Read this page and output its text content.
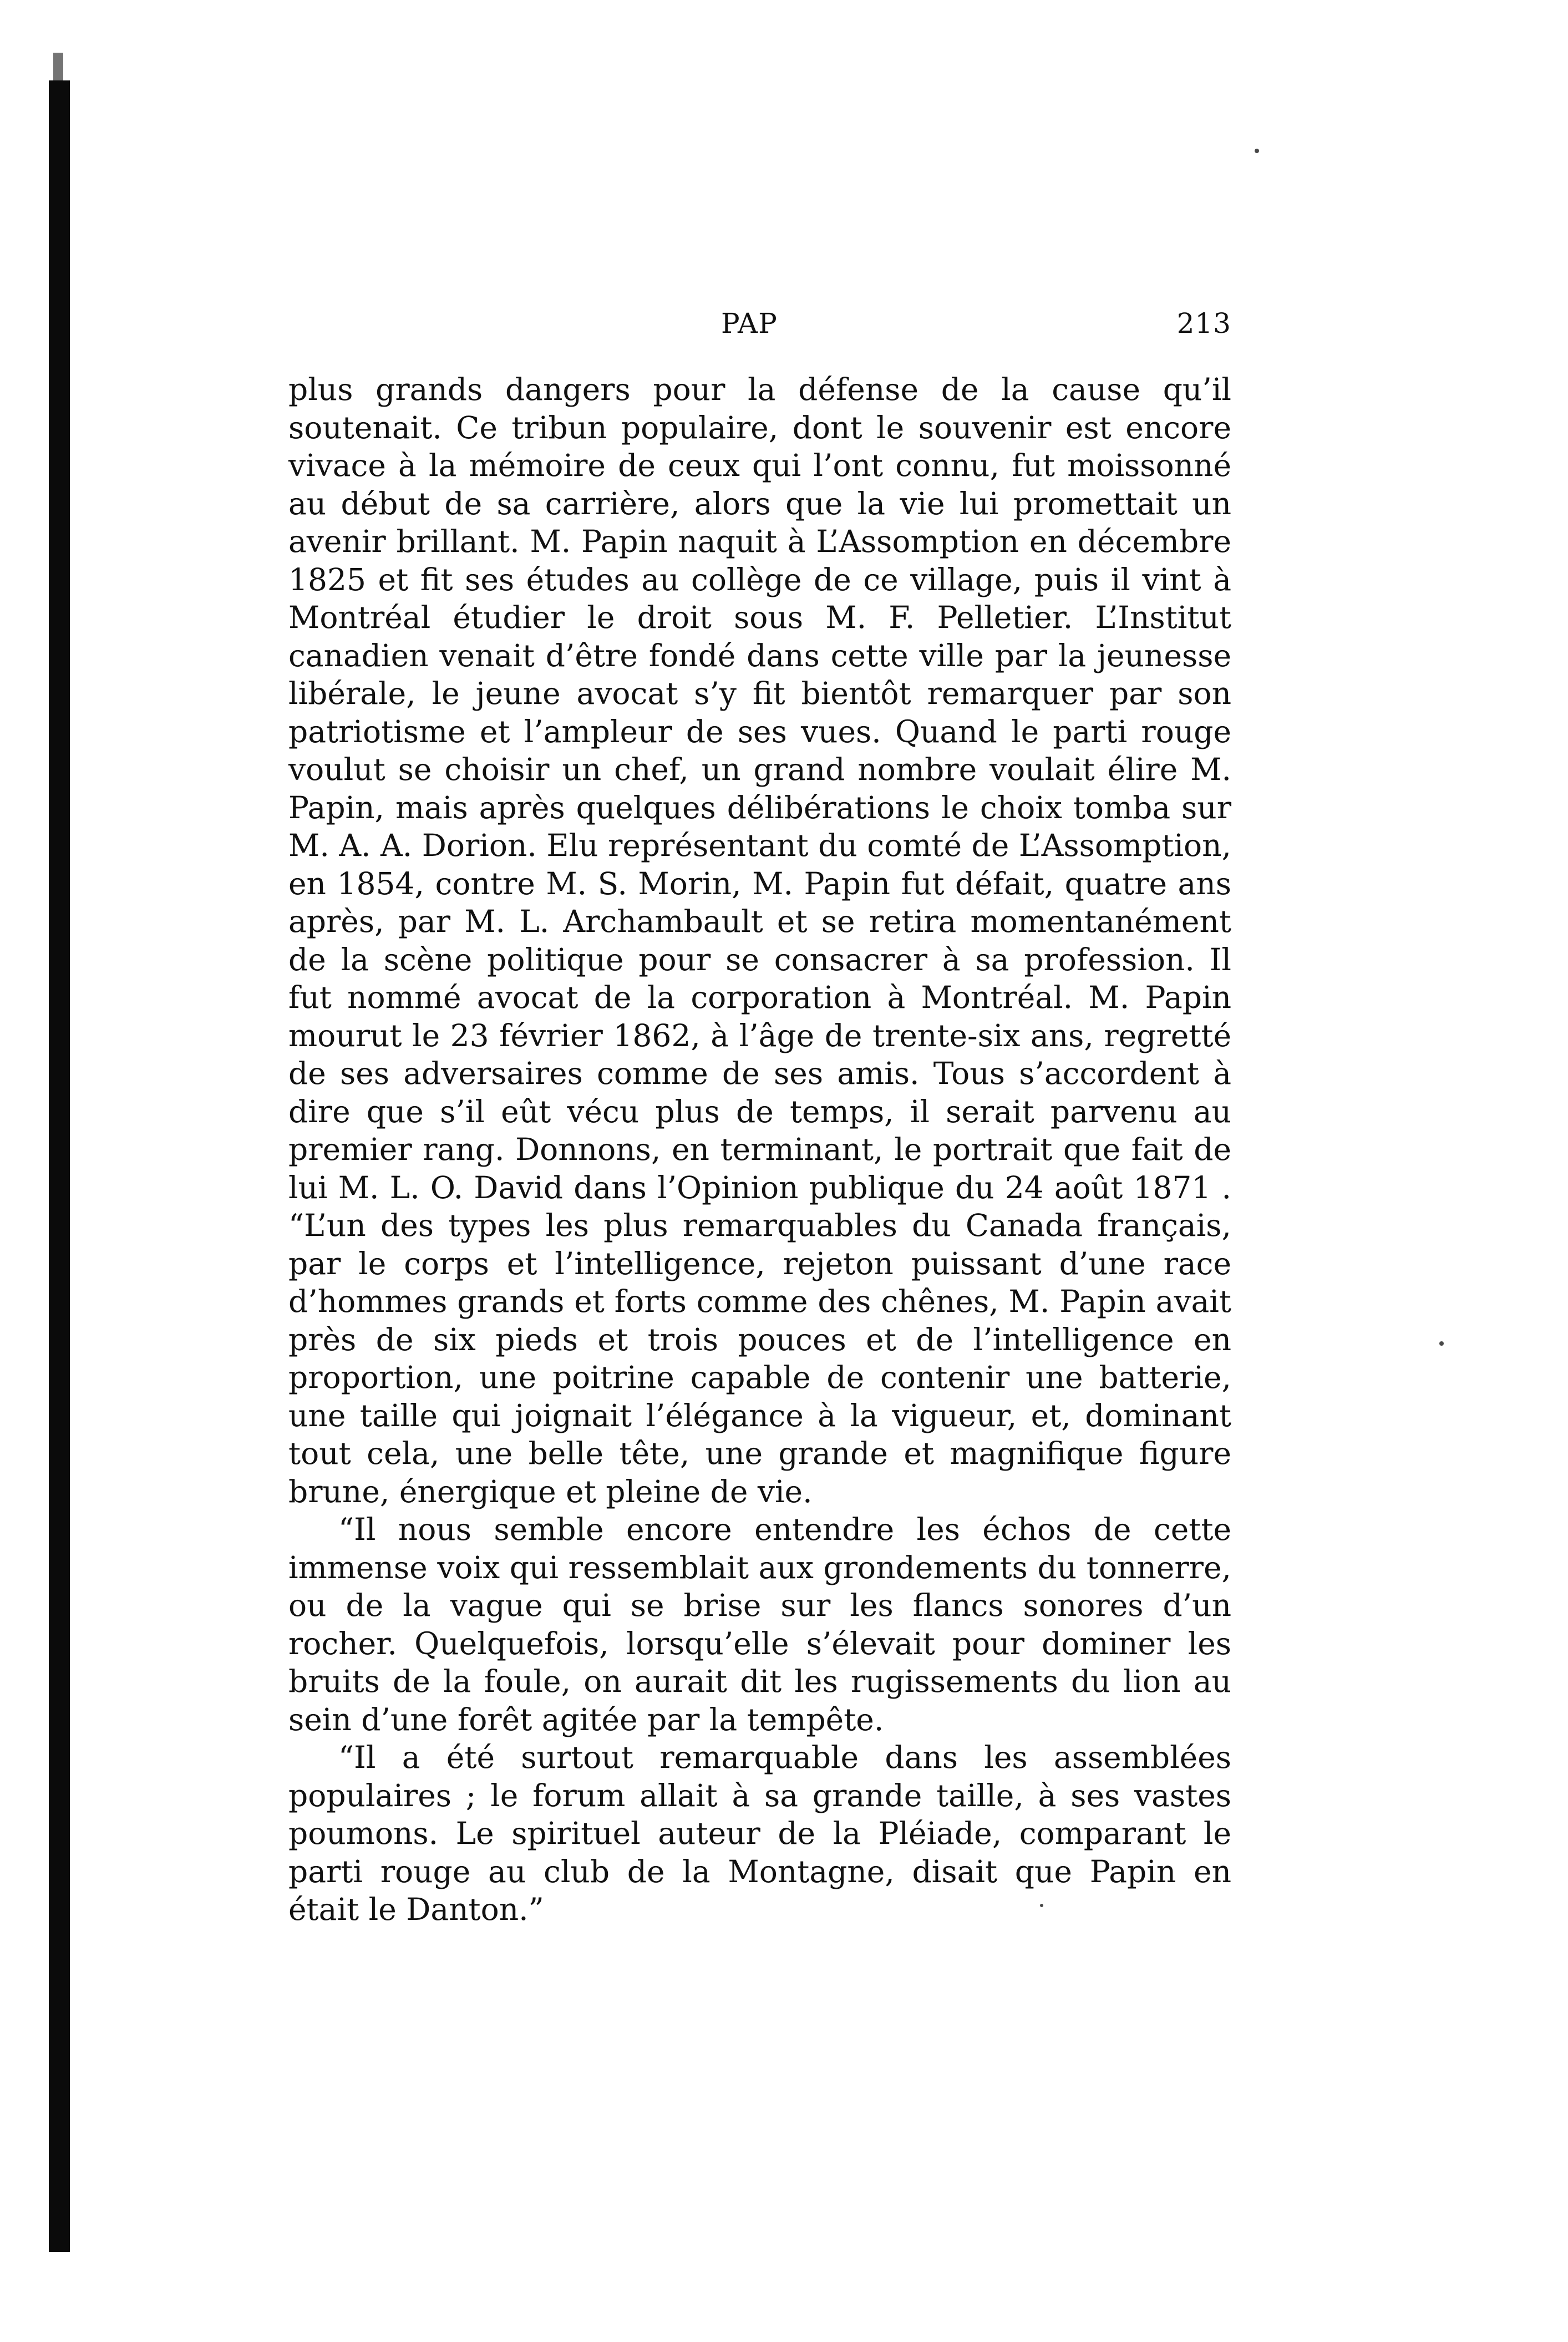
PAP	213

plus grands dangers pour la défense de la cause qu’il soutenait. Ce tribun populaire, dont le souvenir est encore vivace à la mémoire de ceux qui l’ont connu, fut moissonné au début de sa carrière, alors que la vie lui promettait un avenir brillant. M. Papin naquit à L’Assomption en décembre 1825 et fit ses études au collège de ce village, puis il vint à Montréal étudier le droit sous M. F. Pelletier. L’Institut canadien venait d’être fondé dans cette ville par la jeunesse libérale, le jeune avocat s’y fit bientôt remarquer par son patriotisme et l’ampleur de ses vues. Quand le parti rouge voulut se choisir un chef, un grand nombre voulait élire M. Papin, mais après quelques délibérations le choix tomba sur M. A. A. Dorion. Elu représentant du comté de L’Assomption, en 1854, contre M. S. Morin, M. Papin fut défait, quatre ans après, par M. L. Archambault et se retira momentanément de la scène politique pour se consacrer à sa profession. Il fut nommé avocat de la corporation à Montréal. M. Papin mourut le 23 février 1862, à l’âge de trente-six ans, regretté de ses adversaires comme de ses amis. Tous s’accordent à dire que s’il eût vécu plus de temps, il serait parvenu au premier rang. Donnons, en terminant, le portrait que fait de lui M. L. O. David dans l’Opinion publique du 24 août 1871 . “L’un des types les plus remarquables du Canada français, par le corps et l’intelligence, rejeton puissant d’une race d’hommes grands et forts comme des chênes, M. Papin avait près de six pieds et trois pouces et de l’intelligence en proportion, une poitrine capable de contenir une batterie, une taille qui joignait l’élégance à la vigueur, et, dominant tout cela, une belle tête, une grande et magnifique figure brune, énergique et pleine de vie.

“Il nous semble encore entendre les échos de cette immense voix qui ressemblait aux grondements du tonnerre, ou de la vague qui se brise sur les flancs sonores d’un rocher. Quelquefois, lorsqu’elle s’élevait pour dominer les bruits de la foule, on aurait dit les rugissements du lion au sein d’une forêt agitée par la tempête.

“Il a été surtout remarquable dans les assemblées populaires ; le forum allait à sa grande taille, à ses vastes poumons. Le spirituel auteur de la Pléiade, comparant le parti rouge au club de la Montagne, disait que Papin en était le Danton.”
